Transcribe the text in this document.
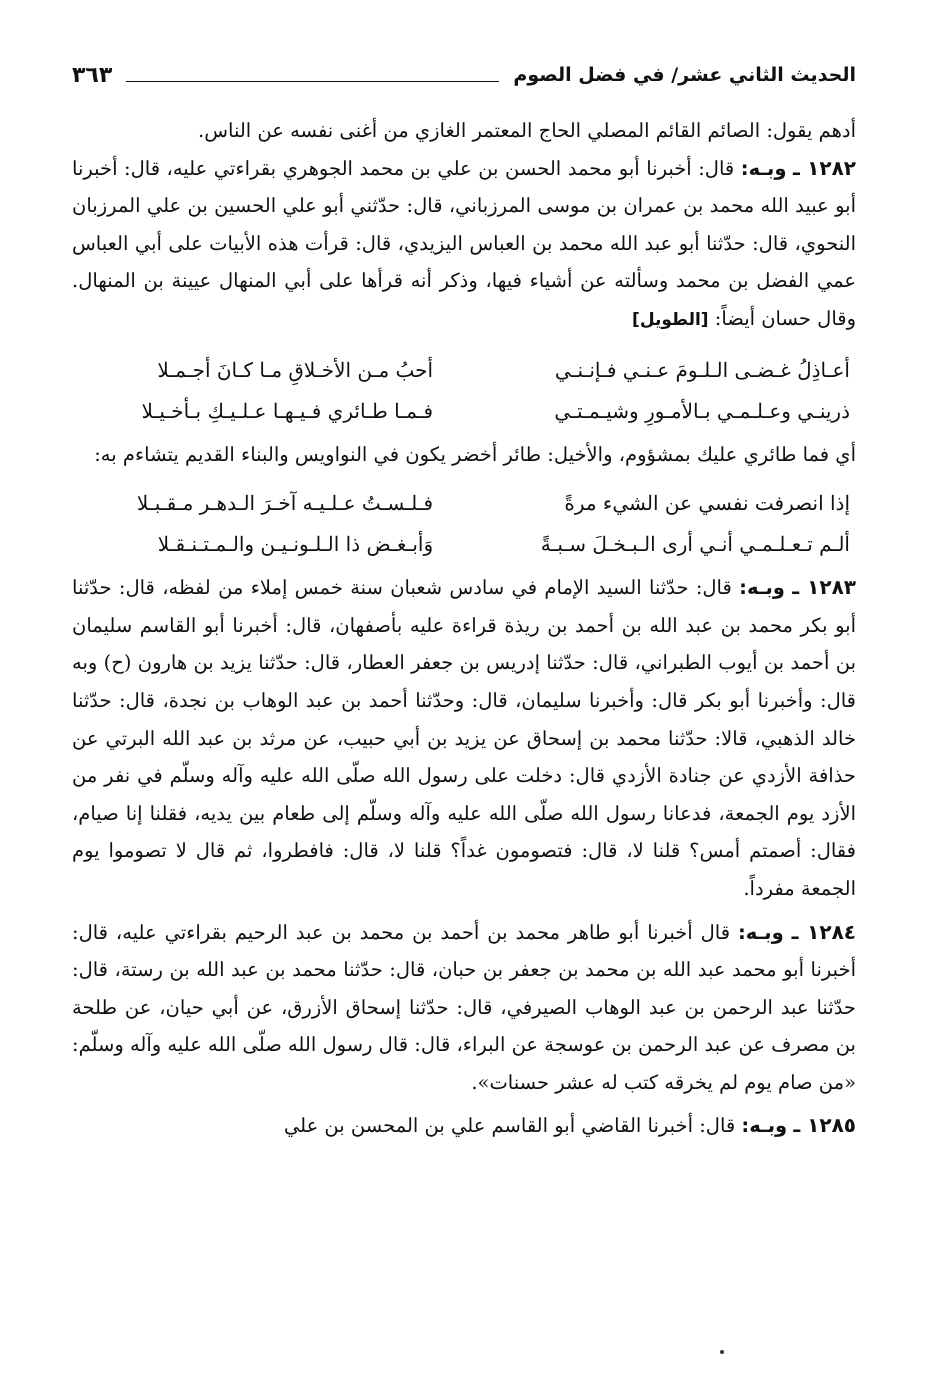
الحديث الثاني عشر/ في فضل الصوم
٣٦٣

أدهم يقول: الصائم القائم المصلي الحاج المعتمر الغازي من أغنى نفسه عن الناس.

١٢٨٢ ـ وبـه: قال: أخبرنا أبو محمد الحسن بن علي بن محمد الجوهري بقراءتي عليه، قال: أخبرنا أبو عبيد الله محمد بن عمران بن موسى المرزباني، قال: حدّثني أبو علي الحسين بن علي المرزبان النحوي، قال: حدّثنا أبو عبد الله محمد بن العباس اليزيدي، قال: قرأت هذه الأبيات على أبي العباس عمي الفضل بن محمد وسألته عن أشياء فيها، وذكر أنه قرأها على أبي المنهال عيينة بن المنهال. وقال حسان أيضاً: [الطويل]

أعـاذِلُ غـضـى الـلـومَ عـنـي فـإنـنـي
أحبُ مـن الأخـلاقِ مـا كـانَ أجـمـلا
ذرينـي وعـلـمـي بـالأمـورِ وشيـمـتـي
فـمـا طـائري فـيـهـا عـلـيـكِ بـأخـيـلا

أي فما طائري عليك بمشؤوم، والأخيل: طائر أخضر يكون في النواويس والبناء القديم يتشاءم به:

إذا انصرفت نفسي عن الشيء مرةً
فـلـسـتُ عـلـيـه آخـرَ الـدهـر مـقـبـلا
ألـم تـعـلـمـي أنـي أرى الـبـخـلَ سـبـةً
وَأبـغـض ذا الـلـونـيـن والـمـتـنـقـلا

١٢٨٣ ـ وبـه: قال: حدّثنا السيد الإمام في سادس شعبان سنة خمس إملاء من لفظه، قال: حدّثنا أبو بكر محمد بن عبد الله بن أحمد بن ريذة قراءة عليه بأصفهان، قال: أخبرنا أبو القاسم سليمان بن أحمد بن أيوب الطبراني، قال: حدّثنا إدريس بن جعفر العطار، قال: حدّثنا يزيد بن هارون (ح) وبه قال: وأخبرنا أبو بكر قال: وأخبرنا سليمان، قال: وحدّثنا أحمد بن عبد الوهاب بن نجدة، قال: حدّثنا خالد الذهبي، قالا: حدّثنا محمد بن إسحاق عن يزيد بن أبي حبيب، عن مرثد بن عبد الله البرتي عن حذافة الأزدي عن جنادة الأزدي قال: دخلت على رسول الله صلّى الله عليه وآله وسلّم في نفر من الأزد يوم الجمعة، فدعانا رسول الله صلّى الله عليه وآله وسلّم إلى طعام بين يديه، فقلنا إنا صيام، فقال: أصمتم أمس؟ قلنا لا، قال: فتصومون غداً؟ قلنا لا، قال: فافطروا، ثم قال لا تصوموا يوم الجمعة مفرداً.

١٢٨٤ ـ وبـه: قال أخبرنا أبو طاهر محمد بن أحمد بن محمد بن عبد الرحيم بقراءتي عليه، قال: أخبرنا أبو محمد عبد الله بن محمد بن جعفر بن حبان، قال: حدّثنا محمد بن عبد الله بن رستة، قال: حدّثنا عبد الرحمن بن عبد الوهاب الصيرفي، قال: حدّثنا إسحاق الأزرق، عن أبي حيان، عن طلحة بن مصرف عن عبد الرحمن بن عوسجة عن البراء، قال: قال رسول الله صلّى الله عليه وآله وسلّم: «من صام يوم لم يخرقه كتب له عشر حسنات».

١٢٨٥ ـ وبـه: قال: أخبرنا القاضي أبو القاسم علي بن المحسن بن علي
